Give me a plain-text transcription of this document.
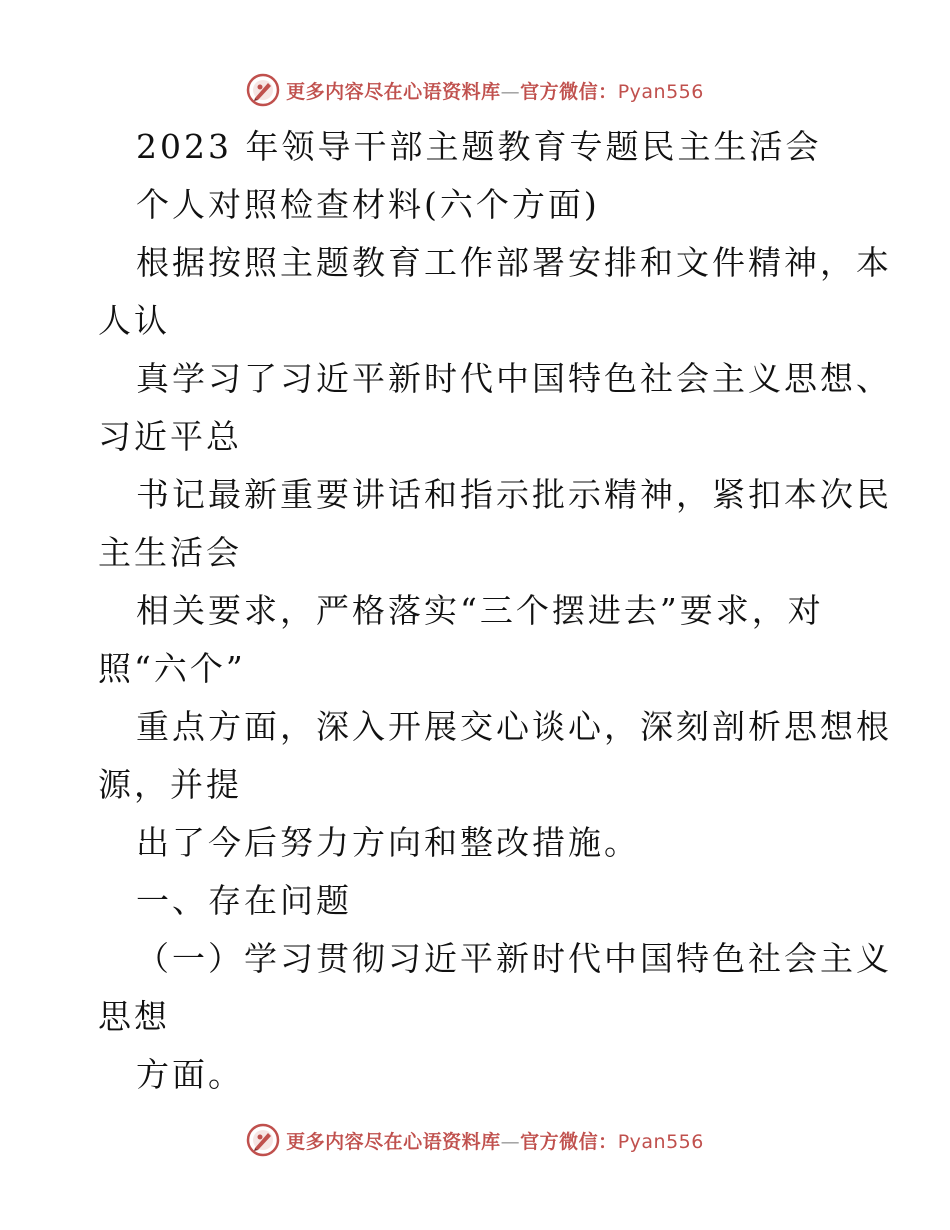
更多内容尽在心语资料库—官方微信：Pyan556
2023 年领导干部主题教育专题民主生活会
个人对照检查材料(六个方面)
根据按照主题教育工作部署安排和文件精神，本
人认
真学习了习近平新时代中国特色社会主义思想、
习近平总
书记最新重要讲话和指示批示精神，紧扣本次民
主生活会
相关要求，严格落实“三个摆进去”要求，对
照“六个”
重点方面，深入开展交心谈心，深刻剖析思想根
源，并提
出了今后努力方向和整改措施。
一、存在问题
（一）学习贯彻习近平新时代中国特色社会主义
思想
方面。
更多内容尽在心语资料库—官方微信：Pyan556
